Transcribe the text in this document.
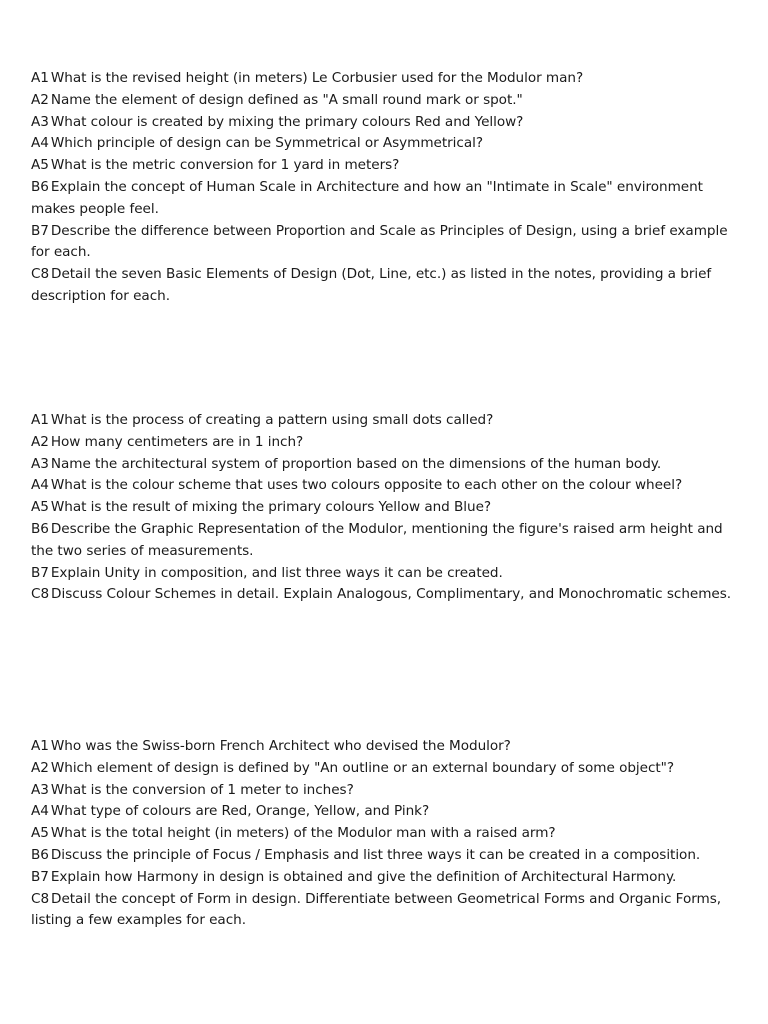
A1 What is the revised height (in meters) Le Corbusier used for the Modulor man?
A2 Name the element of design defined as "A small round mark or spot."
A3 What colour is created by mixing the primary colours Red and Yellow?
A4 Which principle of design can be Symmetrical or Asymmetrical?
A5 What is the metric conversion for 1 yard in meters?
B6 Explain the concept of Human Scale in Architecture and how an "Intimate in Scale" environment makes people feel.
B7 Describe the difference between Proportion and Scale as Principles of Design, using a brief example for each.
C8 Detail the seven Basic Elements of Design (Dot, Line, etc.) as listed in the notes, providing a brief description for each.
A1 What is the process of creating a pattern using small dots called?
A2 How many centimeters are in 1 inch?
A3 Name the architectural system of proportion based on the dimensions of the human body.
A4 What is the colour scheme that uses two colours opposite to each other on the colour wheel?
A5 What is the result of mixing the primary colours Yellow and Blue?
B6 Describe the Graphic Representation of the Modulor, mentioning the figure's raised arm height and the two series of measurements.
B7 Explain Unity in composition, and list three ways it can be created.
C8 Discuss Colour Schemes in detail. Explain Analogous, Complimentary, and Monochromatic schemes.
A1 Who was the Swiss-born French Architect who devised the Modulor?
A2 Which element of design is defined by "An outline or an external boundary of some object"?
A3 What is the conversion of 1 meter to inches?
A4 What type of colours are Red, Orange, Yellow, and Pink?
A5 What is the total height (in meters) of the Modulor man with a raised arm?
B6 Discuss the principle of Focus / Emphasis and list three ways it can be created in a composition.
B7 Explain how Harmony in design is obtained and give the definition of Architectural Harmony.
C8 Detail the concept of Form in design. Differentiate between Geometrical Forms and Organic Forms, listing a few examples for each.
